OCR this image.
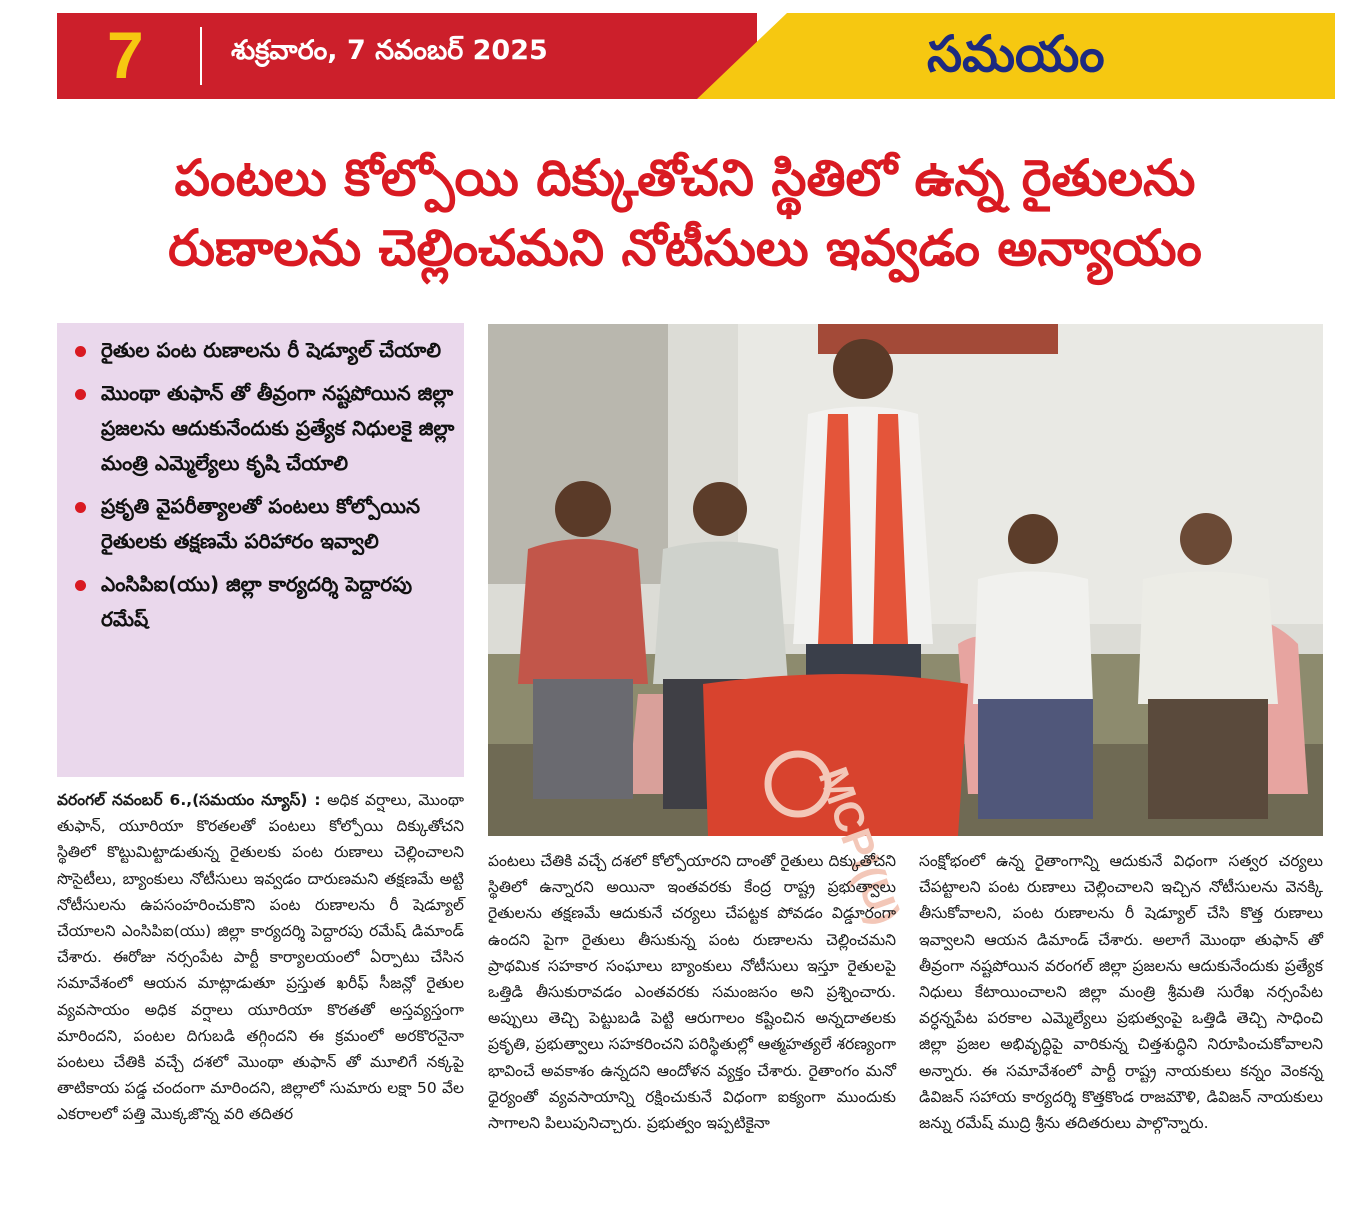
7	శుక్రవారం, 7 నవంబర్ 2025	సమయం
పంటలు కోల్పోయి దిక్కుతోచని స్థితిలో ఉన్న రైతులను
రుణాలను చెల్లించమని నోటీసులు ఇవ్వడం అన్యాయం
రైతుల పంట రుణాలను రీ షెడ్యూల్ చేయాలి
మొంథా తుఫాన్ తో తీవ్రంగా నష్టపోయిన జిల్లా ప్రజలను ఆదుకునేందుకు ప్రత్యేక నిధులకై జిల్లా మంత్రి ఎమ్మెల్యేలు కృషి చేయాలి
ప్రకృతి వైపరీత్యాలతో పంటలు కోల్పోయిన రైతులకు తక్షణమే పరిహారం ఇవ్వాలి
ఎంసిపిఐ(యు) జిల్లా కార్యదర్శి పెద్దారపు రమేష్
MCPI(U)

వరంగల్ నవంబర్ 6.,(సమయం న్యూస్) : అధిక వర్షాలు, మొంథా తుఫాన్, యూరియా కొరతలతో పంటలు కోల్పోయి దిక్కుతోచని స్థితిలో కొట్టుమిట్టాడుతున్న రైతులకు పంట రుణాలు చెల్లించాలని సొసైటీలు, బ్యాంకులు నోటీసులు ఇవ్వడం దారుణమని తక్షణమే అట్టి నోటీసులను ఉపసంహరించుకొని పంట రుణాలను రీ షెడ్యూల్ చేయాలని ఎంసిపిఐ(యు) జిల్లా కార్యదర్శి పెద్దారపు రమేష్ డిమాండ్ చేశారు. ఈరోజు నర్సంపేట పార్టీ కార్యాలయంలో ఏర్పాటు చేసిన సమావేశంలో ఆయన మాట్లాడుతూ ప్రస్తుత ఖరీఫ్ సీజన్లో రైతుల వ్యవసాయం అధిక వర్షాలు యూరియా కొరతతో అస్తవ్యస్తంగా మారిందని, పంటల దిగుబడి తగ్గిందని ఈ క్రమంలో అరకొరనైనా పంటలు చేతికి వచ్చే దశలో మొంథా తుఫాన్ తో మూలిగే నక్కపై తాటికాయ పడ్డ చందంగా మారిందని, జిల్లాలో సుమారు లక్షా 50 వేల ఎకరాలలో పత్తి మొక్కజొన్న వరి తదితర

పంటలు చేతికి వచ్చే దశలో కోల్పోయారని దాంతో రైతులు దిక్కుతోచని స్థితిలో ఉన్నారని అయినా ఇంతవరకు కేంద్ర రాష్ట్ర ప్రభుత్వాలు రైతులను తక్షణమే ఆదుకునే చర్యలు చేపట్టక పోవడం విడ్డూరంగా ఉందని పైగా రైతులు తీసుకున్న పంట రుణాలను చెల్లించమని ప్రాథమిక సహకార సంఘాలు బ్యాంకులు నోటీసులు ఇస్తూ రైతులపై ఒత్తిడి తీసుకురావడం ఎంతవరకు సమంజసం అని ప్రశ్నించారు. అప్పులు తెచ్చి పెట్టుబడి పెట్టి ఆరుగాలం కష్టించిన అన్నదాతలకు ప్రకృతి, ప్రభుత్వాలు సహకరించని పరిస్థితుల్లో ఆత్మహత్యలే శరణ్యంగా భావించే అవకాశం ఉన్నదని ఆందోళన వ్యక్తం చేశారు. రైతాంగం మనో ధైర్యంతో వ్యవసాయాన్ని రక్షించుకునే విధంగా ఐక్యంగా ముందుకు సాగాలని పిలుపునిచ్చారు. ప్రభుత్వం ఇప్పటికైనా

సంక్షోభంలో ఉన్న రైతాంగాన్ని ఆదుకునే విధంగా సత్వర చర్యలు చేపట్టాలని పంట రుణాలు చెల్లించాలని ఇచ్చిన నోటీసులను వెనక్కి తీసుకోవాలని, పంట రుణాలను రీ షెడ్యూల్ చేసి కొత్త రుణాలు ఇవ్వాలని ఆయన డిమాండ్ చేశారు. అలాగే మొంథా తుఫాన్ తో తీవ్రంగా నష్టపోయిన వరంగల్ జిల్లా ప్రజలను ఆదుకునేందుకు ప్రత్యేక నిధులు కేటాయించాలని జిల్లా మంత్రి శ్రీమతి సురేఖ నర్సంపేట వర్ధన్నపేట పరకాల ఎమ్మెల్యేలు ప్రభుత్వంపై ఒత్తిడి తెచ్చి సాధించి జిల్లా ప్రజల అభివృద్ధిపై వారికున్న చిత్తశుద్ధిని నిరూపించుకోవాలని అన్నారు. ఈ సమావేశంలో పార్టీ రాష్ట్ర నాయకులు కన్నం వెంకన్న డివిజన్ సహాయ కార్యదర్శి కొత్తకొండ రాజమౌళి, డివిజన్ నాయకులు జన్ను రమేష్ ముద్రి శ్రీను తదితరులు పాల్గొన్నారు.
